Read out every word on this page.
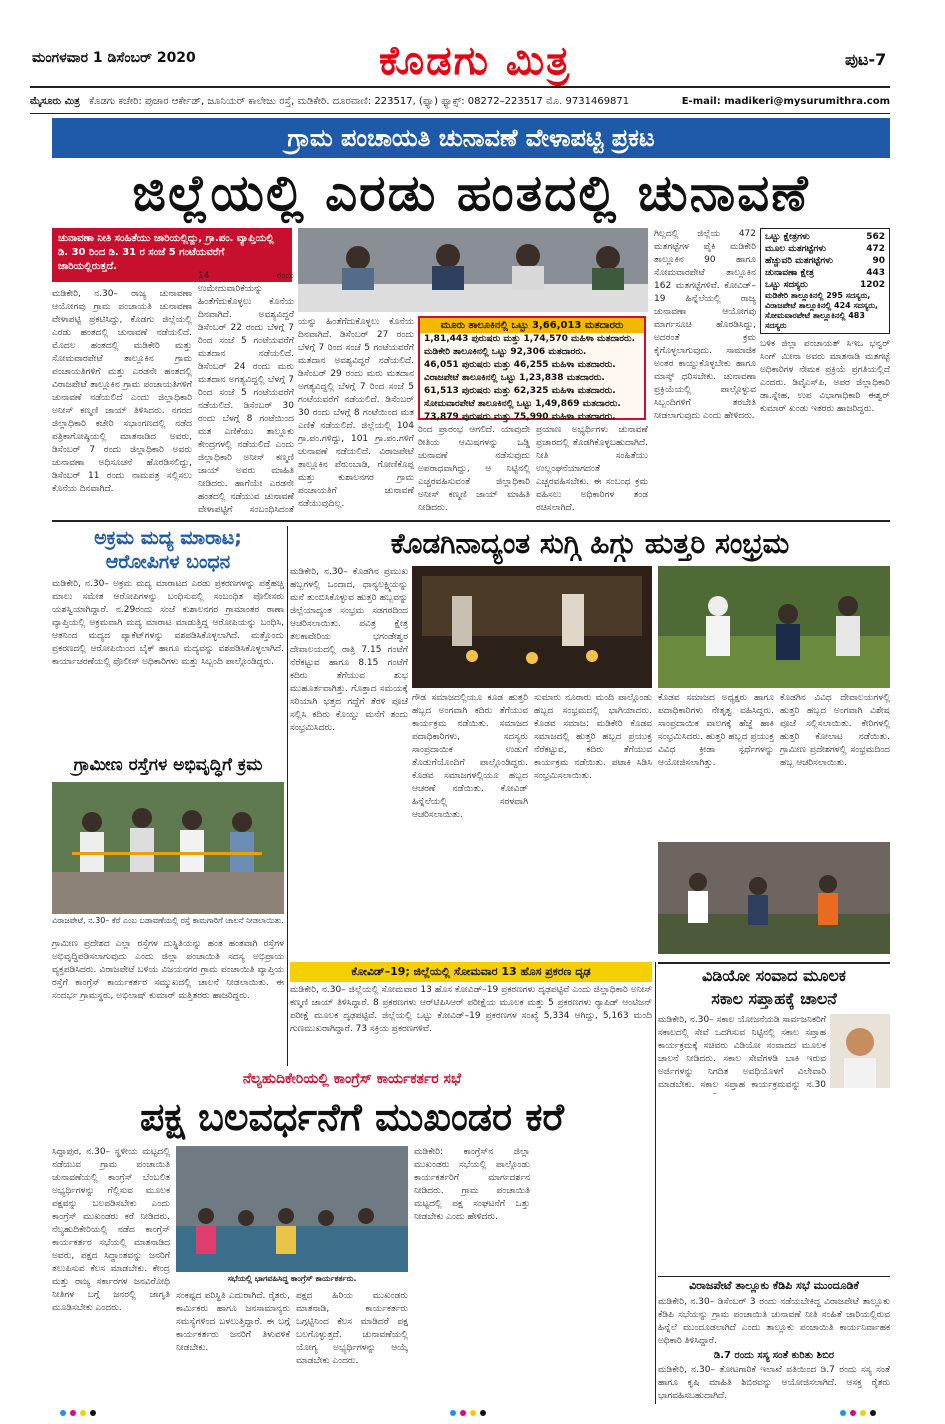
ಮಂಗಳವಾರ 1 ಡಿಸೆಂಬರ್ 2020	ಕೊಡಗು ಮಿತ್ರ	ಪುಟ-7
ಮೈಸೂರು ಮಿತ್ರ ಕೊಡಗು ಕಚೇರಿ: ಪುಜಾರ ಆರ್ಕೇಡ್, ಜೂನಿಯರ್ ಕಾಲೇಜು ರಸ್ತೆ, ಮಡಿಕೇರಿ. ದೂರವಾಣಿ: 223517, (ಫ್ಯಾ) ಫ್ಯಾಕ್ಸ್: 08272–223517 ಮೊ. 9731469871	E-mail: madikeri@mysurumithra.com
ಗ್ರಾಮ ಪಂಚಾಯತಿ ಚುನಾವಣೆ ವೇಳಾಪಟ್ಟಿ ಪ್ರಕಟ
ಜಿಲ್ಲೆಯಲ್ಲಿ ಎರಡು ಹಂತದಲ್ಲಿ ಚುನಾವಣೆ
ಚುನಾವಣಾ ನೀತಿ ಸಂಹಿತೆಯು ಜಾರಿಯಲ್ಲಿದ್ದು, ಗ್ರಾ.ಪಂ. ವ್ಯಾಪ್ತಿಯಲ್ಲಿ ಡಿ. 30 ರಿಂದ ಡಿ. 31 ರ ಸಂಜೆ 5 ಗಂಟೆಯವರೆಗೆ ಜಾರಿಯಲ್ಲಿರುತ್ತದೆ.
ಮಡಿಕೇರಿ, ನ.30– ರಾಜ್ಯ ಚುನಾವಣಾ ಆಯೋಗವು ಗ್ರಾಮ ಪಂಚಾಯತಿ ಚುನಾವಣಾ ವೇಳಾಪಟ್ಟಿ ಪ್ರಕಟಿಸಿದ್ದು, ಕೊಡಗು ಜಿಲ್ಲೆಯಲ್ಲಿ ಎರಡು ಹಂತದಲ್ಲಿ ಚುನಾವಣೆ ನಡೆಯಲಿದೆ. ಮೊದಲ ಹಂತದಲ್ಲಿ ಮಡಿಕೇರಿ ಮತ್ತು ಸೋಮವಾರಪೇಟೆ ತಾಲ್ಲೂಕಿನ ಗ್ರಾಮ ಪಂಚಾಯತಿಗಳಿಗೆ ಮತ್ತು ಎರಡನೇ ಹಂತದಲ್ಲಿ ವಿರಾಜಪೇಟೆ ತಾಲ್ಲೂಕಿನ ಗ್ರಾಮ ಪಂಚಾಯತಿಗಳಿಗೆ ಚುನಾವಣೆ ನಡೆಯಲಿದೆ ಎಂದು ಜಿಲ್ಲಾಧಿಕಾರಿ ಅನೀಸ್ ಕಣ್ಮಣಿ ಜಾಯ್ ತಿಳಿಸಿದರು. ನಗರದ ಜಿಲ್ಲಾಧಿಕಾರಿ ಕಚೇರಿ ಸಭಾಂಗಣದಲ್ಲಿ ನಡೆದ ಪತ್ರಿಕಾಗೋಷ್ಠಿಯಲ್ಲಿ ಮಾತನಾಡಿದ ಅವರು, ಡಿಸೆಂಬರ್ 7 ರಂದು ಜಿಲ್ಲಾಧಿಕಾರಿ ಅವರು ಚುನಾವಣಾ ಅಧಿಸೂಚನೆ ಹೊರಡಿಸಲಿದ್ದು, ಡಿಸೆಂಬರ್ 11 ರಂದು ನಾಮಪತ್ರ ಸಲ್ಲಿಸಲು ಕೊನೆಯ ದಿನವಾಗಿದೆ.
14 ರಂದು ಉಮೇದುವಾರಿಕೆಯನ್ನು ಹಿಂತೆಗೆದುಕೊಳ್ಳಲು ಕೊನೆಯ ದಿನವಾಗಿದೆ. ಅವಶ್ಯವಿದ್ದರೆ ಡಿಸೆಂಬರ್ 22 ರಂದು ಬೆಳಗ್ಗೆ 7 ರಿಂದ ಸಂಜೆ 5 ಗಂಟೆಯವರೆಗೆ ಮತದಾನ ನಡೆಯಲಿದೆ. ಡಿಸೆಂಬರ್ 24 ರಂದು ಮರು ಮತದಾನ ಅಗತ್ಯವಿದ್ದಲ್ಲಿ ಬೆಳಗ್ಗೆ 7 ರಿಂದ ಸಂಜೆ 5 ಗಂಟೆಯವರೆಗೆ ನಡೆಯಲಿದೆ. ಡಿಸೆಂಬರ್ 30 ರಂದು ಬೆಳಗ್ಗೆ 8 ಗಂಟೆಯಿಂದ ಮತ ಎಣಿಕೆಯು ತಾಲ್ಲೂಕು ಕೇಂದ್ರಗಳಲ್ಲಿ ನಡೆಯಲಿದೆ ಎಂದು ಜಿಲ್ಲಾಧಿಕಾರಿ ಅನೀಸ್ ಕಣ್ಮಣಿ ಜಾಯ್ ಅವರು ಮಾಹಿತಿ ನೀಡಿದರು. ಹಾಗೆಯೇ ಎರಡನೇ ಹಂತದಲ್ಲಿ ನಡೆಯುವ ಚುನಾವಣೆ ವೇಳಾಪಟ್ಟಿಗೆ ಸಂಬಂಧಿಸಿದಂತೆ
ಮೂರು ತಾಲೂಕಿನಲ್ಲಿ ಒಟ್ಟು 3,66,013 ಮತದಾರರು
1,81,443 ಪುರುಷರು ಮತ್ತು 1,74,570 ಮಹಿಳಾ ಮತದಾರರು.
ಮಡಿಕೇರಿ ತಾಲೂಕಿನಲ್ಲಿ ಒಟ್ಟು 92,306 ಮತದಾರರು.
46,051 ಪುರುಷರು ಮತ್ತು 46,255 ಮಹಿಳಾ ಮತದಾರರು.
ವಿರಾಜಪೇಟೆ ತಾಲೂಕಿನಲ್ಲಿ ಒಟ್ಟು 1,23,838 ಮತದಾರರು.
61,513 ಪುರುಷರು ಮತ್ತು 62,325 ಮಹಿಳಾ ಮತದಾರರು.
ಸೋಮವಾರಪೇಟೆ ತಾಲೂಕಿನಲ್ಲಿ ಒಟ್ಟು 1,49,869 ಮತದಾರರು.
73,879 ಪುರುಷರು ಮತ್ತು 75,990 ಮಹಿಳಾ ಮತದಾರರು.
ಯನ್ನು ಹಿಂತೆಗೆದುಕೊಳ್ಳಲು ಕೊನೆಯ ದಿನವಾಗಿದೆ. ಡಿಸೆಂಬರ್ 27 ರಂದು ಬೆಳಗ್ಗೆ 7 ರಿಂದ ಸಂಜೆ 5 ಗಂಟೆಯವರೆಗೆ ಮತದಾನ ಅವಶ್ಯವಿದ್ದರೆ ನಡೆಯಲಿದೆ. ಡಿಸೆಂಬರ್ 29 ರಂದು ಮರು ಮತದಾನ ಅಗತ್ಯವಿದ್ದಲ್ಲಿ ಬೆಳಗ್ಗೆ 7 ರಿಂದ ಸಂಜೆ 5 ಗಂಟೆಯವರೆಗೆ ನಡೆಯಲಿದೆ. ಡಿಸೆಂಬರ್ 30 ರಂದು ಬೆಳಗ್ಗೆ 8 ಗಂಟೆಯಿಂದ ಮತ ಎಣಿಕೆ ನಡೆಯಲಿದೆ. ಜಿಲ್ಲೆಯಲ್ಲಿ 104 ಗ್ರಾ.ಪಂ.ಗಳಿದ್ದು, 101 ಗ್ರಾ.ಪಂ.ಗಳಿಗೆ ಚುನಾವಣೆ ನಡೆಯಲಿದೆ. ವಿರಾಜಪೇಟೆ ತಾಲ್ಲೂಕಿನ ಪೆರುಂಬಾಡಿ, ಗೋಣಿಕೊಪ್ಪ ಮತ್ತು ಕುಶಾಲನಗರ ಗ್ರಾಮ ಪಂಚಾಯತಿಗೆ ಚುನಾವಣೆ ನಡೆಯುವುದಿಲ್ಲ.
ರಿಂದ ಪ್ರಾರಂಭ ಆಗಲಿದೆ. ಯಾವುದೇ ರೀತಿಯ ಆಮಿಷಗಳನ್ನು ಒಡ್ಡಿ ಚುನಾವಣೆ ನಡೆಸುವುದು ಅಪರಾಧವಾಗಿದ್ದು, ಆ ನಿಟ್ಟಿನಲ್ಲಿ ಎಚ್ಚರವಹಿಸುವಂತೆ ಜಿಲ್ಲಾಧಿಕಾರಿ ಅನೀಸ್ ಕಣ್ಮಣಿ ಜಾಯ್ ಮಾಹಿತಿ ನೀಡಿದರು.
ಪ್ರಯಾಣ ಅಭ್ಯರ್ಥಿಗಳು ಚುನಾವಣೆ ಪ್ರಚಾರದಲ್ಲಿ ತೊಡಗಿಕೊಳ್ಳಬಹುದಾಗಿದೆ. ನೀತಿ ಸಂಹಿತೆಯು ಉಲ್ಲಂಘನೆಯಾಗದಂತೆ ಎಚ್ಚರವಹಿಸಬೇಕು. ಈ ಸಂಬಂಧ ಕ್ರಮ ವಹಿಸಲು ಅಧಿಕಾರಿಗಳ ತಂಡ ರಚಿಸಲಾಗಿದೆ.
ಗಿಲ್ಲದಲ್ಲಿ ಜಿಲ್ಲೆಯ 472 ಮತಗಟ್ಟೆಗಳ ಪೈಕಿ ಮಡಿಕೇರಿ ತಾಲ್ಲೂಕಿನ 90 ಹಾಗೂ ಸೋಮವಾರಪೇಟೆ ತಾಲ್ಲೂಕಿನ 162 ಮತಗಟ್ಟೆಗಳಿವೆ. ಕೋವಿಡ್–19 ಹಿನ್ನೆಲೆಯಲ್ಲಿ ರಾಜ್ಯ ಚುನಾವಣಾ ಆಯೋಗವು ಮಾರ್ಗಸೂಚಿ ಹೊರಡಿಸಿದ್ದು, ಅದರಂತೆ ಕ್ರಮ ಕೈಗೊಳ್ಳಲಾಗುವುದು. ಸಾಮಾಜಿಕ ಅಂತರ ಕಾಯ್ದುಕೊಳ್ಳಬೇಕು ಹಾಗೂ ಮಾಸ್ಕ್ ಧರಿಸಬೇಕು. ಚುನಾವಣಾ ಪ್ರಕ್ರಿಯೆಯಲ್ಲಿ ಪಾಲ್ಗೊಳ್ಳುವ ಸಿಬ್ಬಂದಿಗಳಿಗೆ ತರಬೇತಿ ನೀಡಲಾಗುವುದು ಎಂದು ಹೇಳಿದರು.
ಒಟ್ಟು ಕ್ಷೇತ್ರಗಳು	562
ಮೂಲ ಮತಗಟ್ಟೆಗಳು	472
ಹೆಚ್ಚುವರಿ ಮತಗಟ್ಟೆಗಳು	90
ಚುನಾವಣಾ ಕ್ಷೇತ್ರ	443
ಒಟ್ಟು ಸದಸ್ಯರು	1202
ಮಡಿಕೇರಿ ತಾಲ್ಲೂಕಿನಲ್ಲಿ 295 ಸದಸ್ಯರು, ವಿರಾಜಪೇಟೆ ತಾಲ್ಲೂಕಿನಲ್ಲಿ 424 ಸದಸ್ಯರು, ಸೋಮವಾರಪೇಟೆ ತಾಲ್ಲೂಕಿನಲ್ಲಿ 483 ಸದಸ್ಯರು
ಬಳಿಕ ಜಿಲ್ಲಾ ಪಂಚಾಯತ್ ಸಿಇಒ ಭನ್ವರ್ ಸಿಂಗ್ ಮೀನಾ ಅವರು ಮಾತನಾಡಿ ಮತಗಟ್ಟೆ ಅಧಿಕಾರಿಗಳ ನೇಮಕ ಪ್ರಕ್ರಿಯೆ ಪ್ರಗತಿಯಲ್ಲಿದೆ ಎಂದರು. ಡಿವೈಎಸ್‌ಪಿ, ಅಪರ ಜಿಲ್ಲಾಧಿಕಾರಿ ಡಾ.ಸ್ನೇಹ, ಉಪ ವಿಭಾಗಾಧಿಕಾರಿ ಈಶ್ವರ್ ಕುಮಾರ್ ಖಂಡು ಇತರರು ಹಾಜರಿದ್ದರು.
ಅಕ್ರಮ ಮದ್ಯ ಮಾರಾಟ;
ಆರೋಪಿಗಳ ಬಂಧನ
ಮಡಿಕೇರಿ, ನ.30– ಅಕ್ರಮ ಮದ್ಯ ಮಾರಾಟದ ಎರಡು ಪ್ರಕರಣಗಳನ್ನು ಪತ್ತೆಹಚ್ಚಿ ಮಾಲು ಸಮೇತ ಆರೋಪಿಗಳನ್ನು ಬಂಧಿಸುವಲ್ಲಿ ಸಂಬಂಧಿತ ಪೊಲೀಸರು ಯಶಸ್ವಿಯಾಗಿದ್ದಾರೆ. ನ.29ರಂದು ಸಂಜೆ ಕುಶಾಲನಗರ ಗ್ರಾಮಾಂತರ ಠಾಣಾ ವ್ಯಾಪ್ತಿಯಲ್ಲಿ ಅಕ್ರಮವಾಗಿ ಮದ್ಯ ಮಾರಾಟ ಮಾಡುತ್ತಿದ್ದ ಆರೋಪಿಯನ್ನು ಬಂಧಿಸಿ, ಆತನಿಂದ ಮದ್ಯದ ಪ್ಯಾಕೆಟ್‌ಗಳನ್ನು ವಶಪಡಿಸಿಕೊಳ್ಳಲಾಗಿದೆ. ಮತ್ತೊಂದು ಪ್ರಕರಣದಲ್ಲಿ ಆರೋಪಿಯಿಂದ ಬೈಕ್ ಹಾಗೂ ಮದ್ಯವನ್ನು ವಶಪಡಿಸಿಕೊಳ್ಳಲಾಗಿದೆ. ಕಾರ್ಯಾಚರಣೆಯಲ್ಲಿ ಪೊಲೀಸ್ ಅಧಿಕಾರಿಗಳು ಮತ್ತು ಸಿಬ್ಬಂದಿ ಪಾಲ್ಗೊಂಡಿದ್ದರು.
ಗ್ರಾಮೀಣ ರಸ್ತೆಗಳ ಅಭಿವೃದ್ಧಿಗೆ ಕ್ರಮ
ವಿರಾಜಪೇಟೆ, ನ.30– ಕೆರೆ ಎಂಬ ಬಡಾವಣೆಯಲ್ಲಿ ರಸ್ತೆ ಕಾಮಗಾರಿಗೆ ಚಾಲನೆ ನೀಡಲಾಯಿತು.
ಗ್ರಾಮೀಣ ಪ್ರದೇಶದ ಎಲ್ಲಾ ರಸ್ತೆಗಳ ದುಸ್ಥಿತಿಯನ್ನು ಹಂತ ಹಂತವಾಗಿ ರಸ್ತೆಗಳ ಅಭಿವೃದ್ಧಿಪಡಿಸಲಾಗುವುದು ಎಂದು ಜಿಲ್ಲಾ ಪಂಚಾಯಿತಿ ಸದಸ್ಯ ಅಭಿಪ್ರಾಯ ವ್ಯಕ್ತಪಡಿಸಿದರು. ವಿರಾಜಪೇಟೆ ಬಳಿಯ ವಿಜಯನಗರ ಗ್ರಾಮ ಪಂಚಾಯಿತಿ ವ್ಯಾಪ್ತಿಯ ರಸ್ತೆಗೆ ಕಾಂಗ್ರೆಸ್ ಕಾರ್ಯಕರ್ತರ ಸಮ್ಮುಖದಲ್ಲಿ ಚಾಲನೆ ನೀಡಲಾಯಿತು. ಈ ಸಂದರ್ಭ ಗ್ರಾಮಸ್ಥರು, ಅಭಿಲಾಷ್ ಕುಮಾರ್ ಮತ್ತಿತರರು ಹಾಜರಿದ್ದರು.
ಕೊಡಗಿನಾದ್ಯಂತ ಸುಗ್ಗಿ ಹಿಗ್ಗು ಹುತ್ತರಿ ಸಂಭ್ರಮ
ಮಡಿಕೇರಿ, ನ.30– ಕೊಡಗಿನ ಪ್ರಮುಖ ಹಬ್ಬಗಳಲ್ಲಿ ಒಂದಾದ, ಧಾನ್ಯಲಕ್ಷ್ಮಿಯನ್ನು ಮನೆ ತುಂಬಿಸಿಕೊಳ್ಳುವ ಹುತ್ತರಿ ಹಬ್ಬವನ್ನು ಜಿಲ್ಲೆಯಾದ್ಯಂತ ಸಂಭ್ರಮ ಸಡಗರದಿಂದ ಆಚರಿಸಲಾಯಿತು. ಪವಿತ್ರ ಕ್ಷೇತ್ರ ತಲಕಾವೇರಿಯ ಭಗಂಡೇಶ್ವರ ದೇವಾಲಯದಲ್ಲಿ ರಾತ್ರಿ 7.15 ಗಂಟೆಗೆ ನೆರೆಕಟ್ಟುವ ಹಾಗೂ 8.15 ಗಂಟೆಗೆ ಕದಿರು ತೆಗೆಯುವ ಶುಭ ಮುಹೂರ್ತವಾಗಿತ್ತು. ಗೊತ್ತಾದ ಸಮಯಕ್ಕೆ ಸರಿಯಾಗಿ ಭತ್ತದ ಗದ್ದೆಗೆ ತೆರಳಿ ಪೂಜೆ ಸಲ್ಲಿಸಿ ಕದಿರು ಕೊಯ್ದು ಮನೆಗೆ ತಂದು ಸಂಭ್ರಮಿಸಿದರು.
ಗೌಡ ಸಮಾಜದಲ್ಲಿಯೂ ಕೂಡ ಹುತ್ತರಿ ಹಬ್ಬದ ಅಂಗವಾಗಿ ಕದಿರು ತೆಗೆಯುವ ಕಾರ್ಯಕ್ರಮ ನಡೆಯಿತು. ಸಮಾಜದ ಪದಾಧಿಕಾರಿಗಳು, ಸದಸ್ಯರು ಸಾಂಪ್ರದಾಯಿಕ ಉಡುಗೆ ತೊಡುಗೆಯೊಂದಿಗೆ ಪಾಲ್ಗೊಂಡಿದ್ದರು. ಕೊಡವ ಸಮಾಜಗಳಲ್ಲಿಯೂ ಹಬ್ಬದ ಆಚರಣೆ ನಡೆಯಿತು. ಕೋವಿಡ್ ಹಿನ್ನೆಲೆಯಲ್ಲಿ ಸರಳವಾಗಿ ಆಚರಿಸಲಾಯಿತು.
ಸುಮಾರು ನೂರಾರು ಮಂದಿ ಪಾಲ್ಗೊಂಡು ಹಬ್ಬದ ಸಂಭ್ರಮದಲ್ಲಿ ಭಾಗಿಯಾದರು. ಕೊಡವ ಸಮಾಜ: ಮಡಿಕೇರಿ ಕೊಡವ ಸಮಾಜದಲ್ಲಿ ಹುತ್ತರಿ ಹಬ್ಬದ ಪ್ರಯುಕ್ತ ನೆರೆಕಟ್ಟುವ, ಕದಿರು ತೆಗೆಯುವ ಕಾರ್ಯಕ್ರಮ ನಡೆಯಿತು. ಪಟಾಕಿ ಸಿಡಿಸಿ ಸಂಭ್ರಮಿಸಲಾಯಿತು.
ಕೊಡವ ಸಮಾಜದ ಅಧ್ಯಕ್ಷರು ಹಾಗೂ ಪದಾಧಿಕಾರಿಗಳು ನೇತೃತ್ವ ವಹಿಸಿದ್ದರು. ಸಾಂಪ್ರದಾಯಿಕ ವಾಲಗಕ್ಕೆ ಹೆಜ್ಜೆ ಹಾಕಿ ಸಂಭ್ರಮಿಸಿದರು. ಹುತ್ತರಿ ಹಬ್ಬದ ಪ್ರಯುಕ್ತ ವಿವಿಧ ಕ್ರೀಡಾ ಸ್ಪರ್ಧೆಗಳನ್ನು ಆಯೋಜಿಸಲಾಗಿತ್ತು.
ಕೊಡಗಿನ ವಿವಿಧ ದೇವಾಲಯಗಳಲ್ಲಿ ಹುತ್ತರಿ ಹಬ್ಬದ ಅಂಗವಾಗಿ ವಿಶೇಷ ಪೂಜೆ ಸಲ್ಲಿಸಲಾಯಿತು. ಕೇರಿಗಳಲ್ಲಿ ಹುತ್ತರಿ ಕೋಲಾಟ ನಡೆಯಿತು. ಗ್ರಾಮೀಣ ಪ್ರದೇಶಗಳಲ್ಲಿ ಸಂಭ್ರಮದಿಂದ ಹಬ್ಬ ಆಚರಿಸಲಾಯಿತು.
ಕೋವಿಡ್–19; ಜಿಲ್ಲೆಯಲ್ಲಿ ಸೋಮವಾರ 13 ಹೊಸ ಪ್ರಕರಣ ದೃಢ
ಮಡಿಕೇರಿ, ನ.30– ಜಿಲ್ಲೆಯಲ್ಲಿ ಸೋಮವಾರ 13 ಹೊಸ ಕೋವಿಡ್–19 ಪ್ರಕರಣಗಳು ದೃಢಪಟ್ಟಿವೆ ಎಂದು ಜಿಲ್ಲಾಧಿಕಾರಿ ಅನೀಸ್ ಕಣ್ಮಣಿ ಜಾಯ್ ತಿಳಿಸಿದ್ದಾರೆ. 8 ಪ್ರಕರಣಗಳು ಆರ್‌ಟಿಪಿಸಿಆರ್ ಪರೀಕ್ಷೆಯ ಮೂಲಕ ಮತ್ತು 5 ಪ್ರಕರಣಗಳು ರ್‍ಯಾಪಿಡ್ ಆಂಟಿಜನ್ ಪರೀಕ್ಷೆ ಮೂಲಕ ದೃಢಪಟ್ಟಿವೆ. ಜಿಲ್ಲೆಯಲ್ಲಿ ಒಟ್ಟು ಕೋವಿಡ್–19 ಪ್ರಕರಣಗಳ ಸಂಖ್ಯೆ 5,334 ಆಗಿದ್ದು, 5,163 ಮಂದಿ ಗುಣಮುಖರಾಗಿದ್ದಾರೆ. 73 ಸಕ್ರಿಯ ಪ್ರಕರಣಗಳಿವೆ.
ವಿಡಿಯೋ ಸಂವಾದ ಮೂಲಕ
ಸಕಾಲ ಸಪ್ತಾಹಕ್ಕೆ ಚಾಲನೆ
ಮಡಿಕೇರಿ, ನ.30– ಸಕಾಲ ಯೋಜನೆಯಡಿ ಸಾರ್ವಜನಿಕರಿಗೆ ಸಕಾಲದಲ್ಲಿ ಸೇವೆ ಒದಗಿಸುವ ನಿಟ್ಟಿನಲ್ಲಿ ಸಕಾಲ ಸಪ್ತಾಹ ಕಾರ್ಯಕ್ರಮಕ್ಕೆ ಸಚಿವರು ವಿಡಿಯೋ ಸಂವಾದದ ಮೂಲಕ ಚಾಲನೆ ನೀಡಿದರು. ಸಕಾಲ ಸೇವೆಗಳಡಿ ಬಾಕಿ ಇರುವ ಅರ್ಜಿಗಳನ್ನು ನಿಗದಿತ ಅವಧಿಯೊಳಗೆ ವಿಲೇವಾರಿ ಮಾಡಬೇಕು. ಸಕಾಲ ಸಪ್ತಾಹ ಕಾರ್ಯಕ್ರಮವನ್ನು ನ.30
ವಿರಾಜಪೇಟೆ ತಾಲ್ಲೂಕು ಕೆಡಿಪಿ ಸಭೆ ಮುಂದೂಡಿಕೆ
ಮಡಿಕೇರಿ, ನ.30– ಡಿಸೆಂಬರ್ 3 ರಂದು ನಡೆಯಬೇಕಿದ್ದ ವಿರಾಜಪೇಟೆ ತಾಲ್ಲೂಕು ಕೆಡಿಪಿ ಸಭೆಯನ್ನು ಗ್ರಾಮ ಪಂಚಾಯಿತಿ ಚುನಾವಣೆ ನೀತಿ ಸಂಹಿತೆ ಜಾರಿಯಲ್ಲಿರುವ ಹಿನ್ನೆಲೆ ಮುಂದೂಡಲಾಗಿದೆ ಎಂದು ತಾಲ್ಲೂಕು ಪಂಚಾಯಿತಿ ಕಾರ್ಯನಿರ್ವಾಹಕ ಅಧಿಕಾರಿ ತಿಳಿಸಿದ್ದಾರೆ.
ಡಿ.7 ರಂದು ಸಸ್ಯ ಸಂತೆ ಕುರಿತು ಶಿಬಿರ
ಮಡಿಕೇರಿ, ನ.30– ತೋಟಗಾರಿಕೆ ಇಲಾಖೆ ವತಿಯಿಂದ ಡಿ.7 ರಂದು ಸಸ್ಯ ಸಂತೆ ಹಾಗೂ ಕೃಷಿ ಮಾಹಿತಿ ಶಿಬಿರವನ್ನು ಆಯೋಜಿಸಲಾಗಿದೆ. ಆಸಕ್ತ ರೈತರು ಭಾಗವಹಿಸಬಹುದಾಗಿದೆ.
ನೆಲ್ಯಹುದಿಕೇರಿಯಲ್ಲಿ ಕಾಂಗ್ರೆಸ್ ಕಾರ್ಯಕರ್ತರ ಸಭೆ
ಪಕ್ಷ ಬಲವರ್ಧನೆಗೆ ಮುಖಂಡರ ಕರೆ
ಸಿದ್ದಾಪುರ, ನ.30– ಸ್ಥಳೀಯ ಮಟ್ಟದಲ್ಲಿ ನಡೆಯುವ ಗ್ರಾಮ ಪಂಚಾಯಿತಿ ಚುನಾವಣೆಯಲ್ಲಿ ಕಾಂಗ್ರೆಸ್ ಬೆಂಬಲಿತ ಅಭ್ಯರ್ಥಿಗಳನ್ನು ಗೆಲ್ಲಿಸುವ ಮೂಲಕ ಪಕ್ಷವನ್ನು ಬಲಪಡಿಸಬೇಕು ಎಂದು ಕಾಂಗ್ರೆಸ್ ಮುಖಂಡರು ಕರೆ ನೀಡಿದರು. ನೆಲ್ಯಹುದಿಕೇರಿಯಲ್ಲಿ ನಡೆದ ಕಾಂಗ್ರೆಸ್ ಕಾರ್ಯಕರ್ತರ ಸಭೆಯಲ್ಲಿ ಮಾತನಾಡಿದ ಅವರು, ಪಕ್ಷದ ಸಿದ್ಧಾಂತವನ್ನು ಜನರಿಗೆ ತಲುಪಿಸುವ ಕೆಲಸ ಮಾಡಬೇಕು. ಕೇಂದ್ರ ಮತ್ತು ರಾಜ್ಯ ಸರ್ಕಾರಗಳ ಜನವಿರೋಧಿ ನೀತಿಗಳ ಬಗ್ಗೆ ಜನರಲ್ಲಿ ಜಾಗೃತಿ ಮೂಡಿಸಬೇಕು ಎಂದರು.
ಸಭೆಯಲ್ಲಿ ಭಾಗವಹಿಸಿದ್ದ ಕಾಂಗ್ರೆಸ್ ಕಾರ್ಯಕರ್ತರು.
ಸಂಕಷ್ಟದ ಪರಿಸ್ಥಿತಿ ಎದುರಾಗಿದೆ. ರೈತರು, ಕಾರ್ಮಿಕರು ಹಾಗೂ ಜನಸಾಮಾನ್ಯರು ಸಮಸ್ಯೆಗಳಿಂದ ಬಳಲುತ್ತಿದ್ದಾರೆ. ಈ ಬಗ್ಗೆ ಕಾರ್ಯಕರ್ತರು ಜನರಿಗೆ ತಿಳುವಳಿಕೆ ನೀಡಬೇಕು.
ಪಕ್ಷದ ಹಿರಿಯ ಮುಖಂಡರು ಮಾತನಾಡಿ, ಕಾರ್ಯಕರ್ತರು ಒಗ್ಗಟ್ಟಿನಿಂದ ಕೆಲಸ ಮಾಡಿದರೆ ಪಕ್ಷ ಬಲಗೊಳ್ಳುತ್ತದೆ. ಚುನಾವಣೆಯಲ್ಲಿ ಯೋಗ್ಯ ಅಭ್ಯರ್ಥಿಗಳನ್ನು ಆಯ್ಕೆ ಮಾಡಬೇಕು ಎಂದರು.
ಮಡಿಕೇರಿ: ಕಾಂಗ್ರೆಸ್‌ನ ಜಿಲ್ಲಾ ಮುಖಂಡರು ಸಭೆಯಲ್ಲಿ ಪಾಲ್ಗೊಂಡು ಕಾರ್ಯಕರ್ತರಿಗೆ ಮಾರ್ಗದರ್ಶನ ನೀಡಿದರು. ಗ್ರಾಮ ಪಂಚಾಯಿತಿ ಮಟ್ಟದಲ್ಲಿ ಪಕ್ಷ ಸಂಘಟನೆಗೆ ಒತ್ತು ನೀಡಬೇಕು ಎಂದು ಹೇಳಿದರು.
